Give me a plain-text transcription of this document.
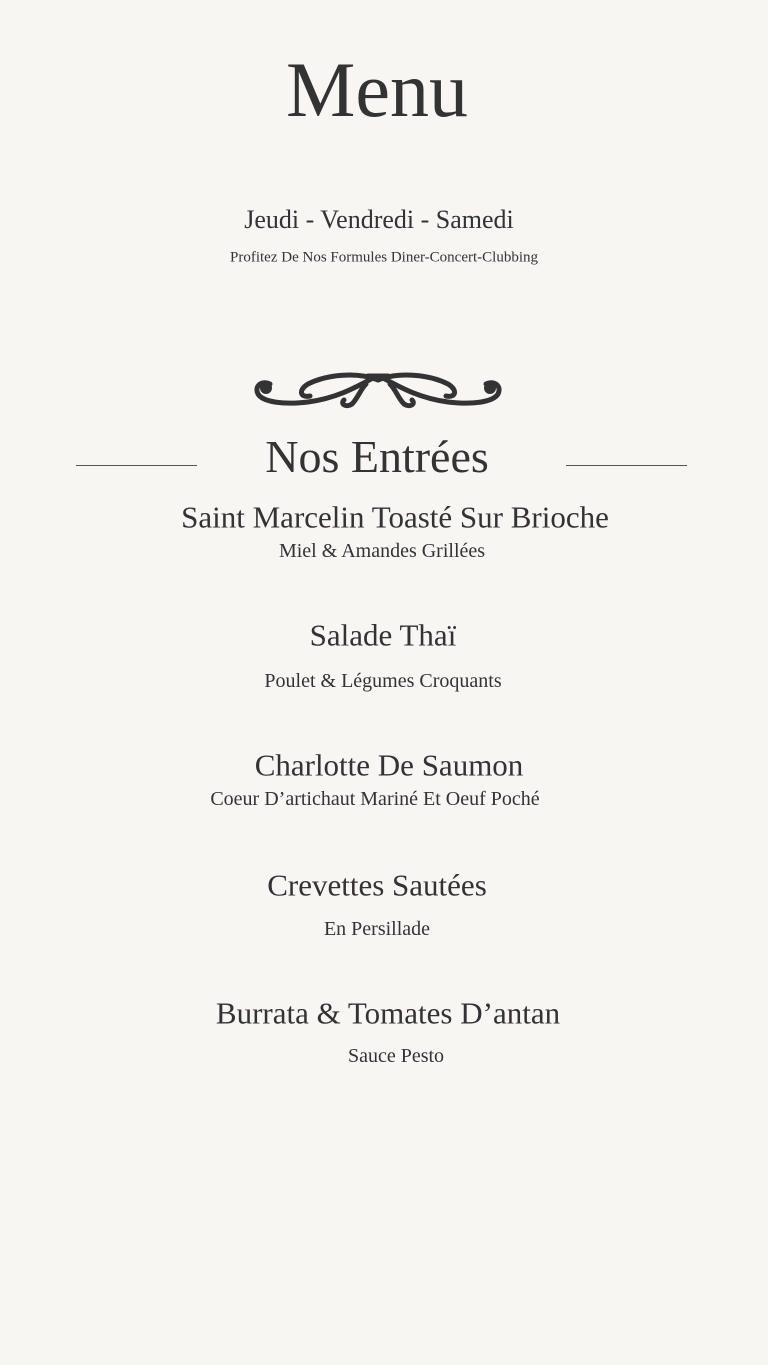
Menu
Jeudi - Vendredi - Samedi
Profitez De Nos Formules Diner-Concert-Clubbing
Nos Entrées
Saint Marcelin Toasté Sur Brioche
Miel & Amandes Grillées
Salade Thaï
Poulet & Légumes Croquants
Charlotte De Saumon
Coeur D’artichaut Mariné Et Oeuf Poché
Crevettes Sautées
En Persillade
Burrata & Tomates D’antan
Sauce Pesto
